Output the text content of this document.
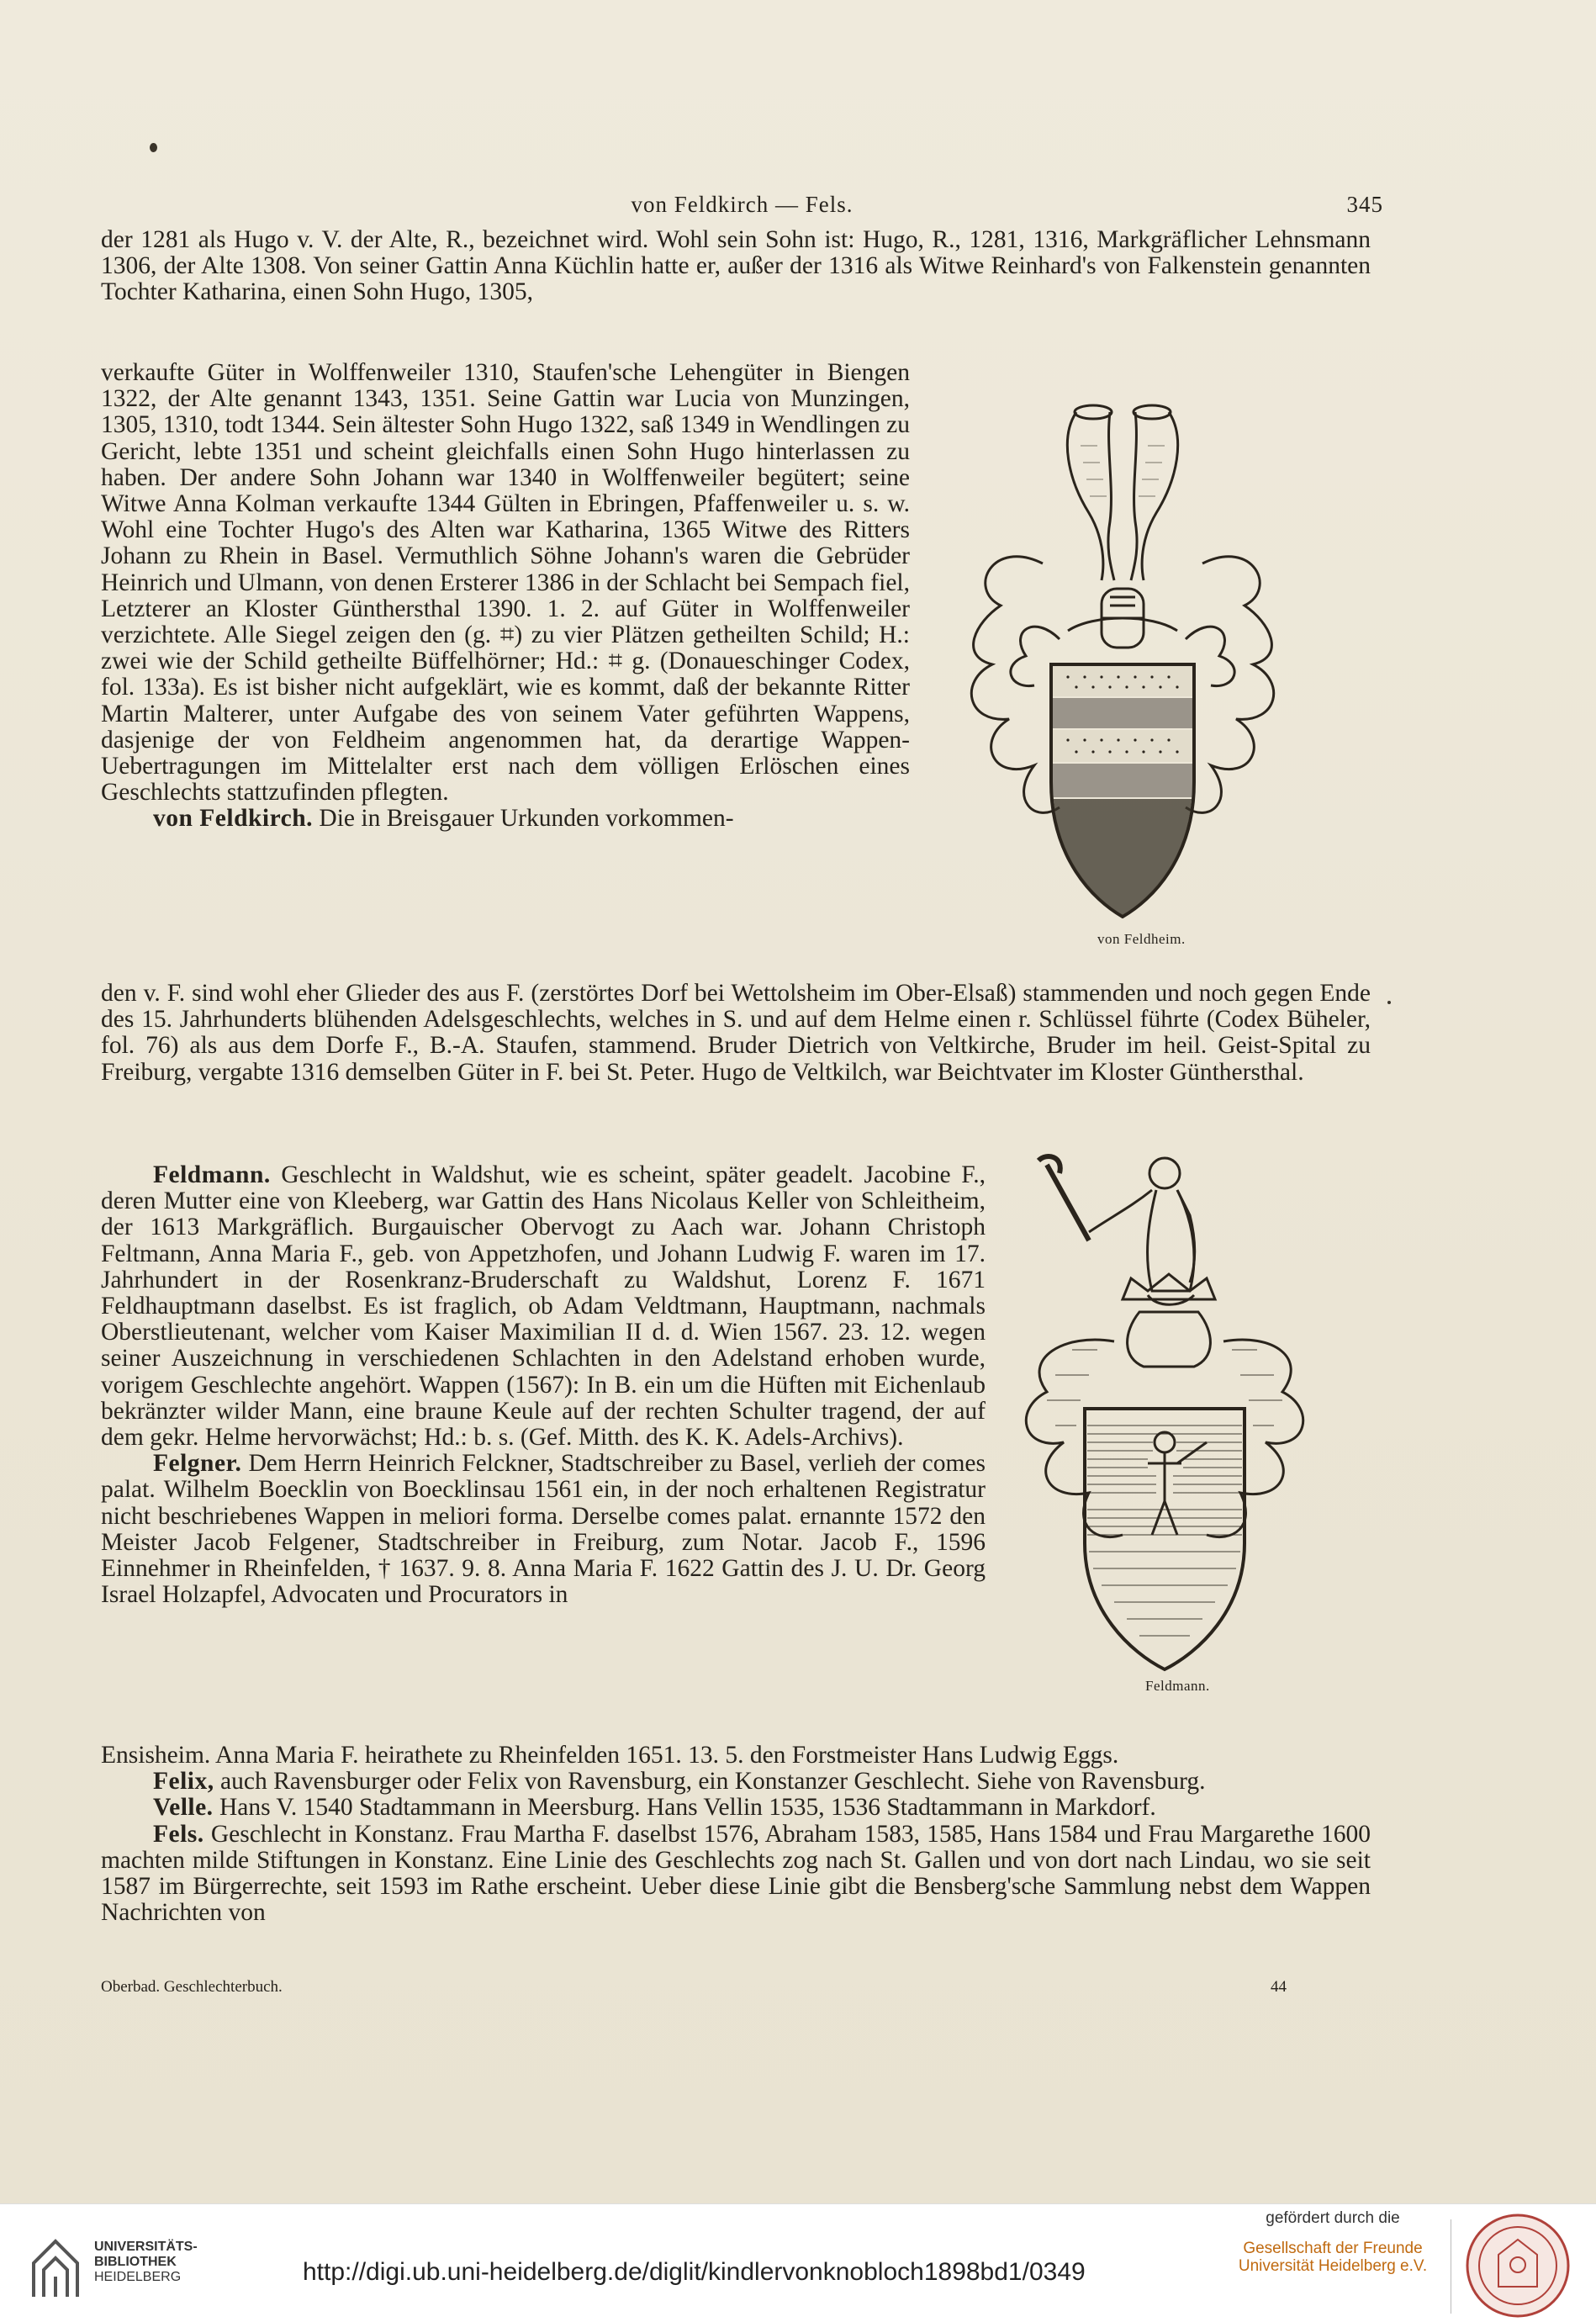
von Feldkirch — Fels.	345

der 1281 als Hugo v. V. der Alte, R., bezeichnet wird. Wohl sein Sohn ist: Hugo, R., 1281, 1316, Markgräflicher Lehnsmann 1306, der Alte 1308. Von seiner Gattin Anna Küchlin hatte er, außer der 1316 als Witwe Reinhard's von Falkenstein genannten Tochter Katharina, einen Sohn Hugo, 1305,

verkaufte Güter in Wolffenweiler 1310, Staufen'sche Lehengüter in Biengen 1322, der Alte genannt 1343, 1351. Seine Gattin war Lucia von Munzingen, 1305, 1310, todt 1344. Sein ältester Sohn Hugo 1322, saß 1349 in Wendlingen zu Gericht, lebte 1351 und scheint gleichfalls einen Sohn Hugo hinterlassen zu haben. Der andere Sohn Johann war 1340 in Wolffenweiler begütert; seine Witwe Anna Kolman verkaufte 1344 Gülten in Ebringen, Pfaffenweiler u. s. w. Wohl eine Tochter Hugo's des Alten war Katharina, 1365 Witwe des Ritters Johann zu Rhein in Basel. Vermuthlich Söhne Johann's waren die Gebrüder Heinrich und Ulmann, von denen Ersterer 1386 in der Schlacht bei Sempach fiel, Letzterer an Kloster Günthersthal 1390. 1. 2. auf Güter in Wolffenweiler verzichtete. Alle Siegel zeigen den (g. ⌗) zu vier Plätzen getheilten Schild; H.: zwei wie der Schild getheilte Büffelhörner; Hd.: ⌗ g. (Donaueschinger Codex, fol. 133a). Es ist bisher nicht aufgeklärt, wie es kommt, daß der bekannte Ritter Martin Malterer, unter Aufgabe des von seinem Vater geführten Wappens, dasjenige der von Feldheim angenommen hat, da derartige Wappen-Uebertragungen im Mittelalter erst nach dem völligen Erlöschen eines Geschlechts stattzufinden pflegten.

von Feldkirch. Die in Breisgauer Urkunden vorkommen-

den v. F. sind wohl eher Glieder des aus F. (zerstörtes Dorf bei Wettolsheim im Ober-Elsaß) stammenden und noch gegen Ende des 15. Jahrhunderts blühenden Adelsgeschlechts, welches in S. und auf dem Helme einen r. Schlüssel führte (Codex Büheler, fol. 76) als aus dem Dorfe F., B.-A. Staufen, stammend. Bruder Dietrich von Veltkirche, Bruder im heil. Geist-Spital zu Freiburg, vergabte 1316 demselben Güter in F. bei St. Peter. Hugo de Veltkilch, war Beichtvater im Kloster Günthersthal.

Feldmann. Geschlecht in Waldshut, wie es scheint, später geadelt. Jacobine F., deren Mutter eine von Kleeberg, war Gattin des Hans Nicolaus Keller von Schleitheim, der 1613 Markgräflich. Burgauischer Obervogt zu Aach war. Johann Christoph Feltmann, Anna Maria F., geb. von Appetzhofen, und Johann Ludwig F. waren im 17. Jahrhundert in der Rosenkranz-Bruderschaft zu Waldshut, Lorenz F. 1671 Feldhauptmann daselbst. Es ist fraglich, ob Adam Veldtmann, Hauptmann, nachmals Oberstlieutenant, welcher vom Kaiser Maximilian II d. d. Wien 1567. 23. 12. wegen seiner Auszeichnung in verschiedenen Schlachten in den Adelstand erhoben wurde, vorigem Geschlechte angehört. Wappen (1567): In B. ein um die Hüften mit Eichenlaub bekränzter wilder Mann, eine braune Keule auf der rechten Schulter tragend, der auf dem gekr. Helme hervorwächst; Hd.: b. s. (Gef. Mitth. des K. K. Adels-Archivs).

Felgner. Dem Herrn Heinrich Felckner, Stadtschreiber zu Basel, verlieh der comes palat. Wilhelm Boecklin von Boecklinsau 1561 ein, in der noch erhaltenen Registratur nicht beschriebenes Wappen in meliori forma. Derselbe comes palat. ernannte 1572 den Meister Jacob Felgener, Stadtschreiber in Freiburg, zum Notar. Jacob F., 1596 Einnehmer in Rheinfelden, † 1637. 9. 8. Anna Maria F. 1622 Gattin des J. U. Dr. Georg Israel Holzapfel, Advocaten und Procurators in

Ensisheim. Anna Maria F. heirathete zu Rheinfelden 1651. 13. 5. den Forstmeister Hans Ludwig Eggs.

Felix, auch Ravensburger oder Felix von Ravensburg, ein Konstanzer Geschlecht. Siehe von Ravensburg.

Velle. Hans V. 1540 Stadtammann in Meersburg. Hans Vellin 1535, 1536 Stadtammann in Markdorf.

Fels. Geschlecht in Konstanz. Frau Martha F. daselbst 1576, Abraham 1583, 1585, Hans 1584 und Frau Margarethe 1600 machten milde Stiftungen in Konstanz. Eine Linie des Geschlechts zog nach St. Gallen und von dort nach Lindau, wo sie seit 1587 im Bürgerrechte, seit 1593 im Rathe erscheint. Ueber diese Linie gibt die Bensberg'sche Sammlung nebst dem Wappen Nachrichten von

Oberbad. Geschlechterbuch.	44
von Feldheim.
Feldmann.
UNIVERSITÄTS-
BIBLIOTHEK
HEIDELBERG	http://digi.ub.uni-heidelberg.de/diglit/kindlervonknobloch1898bd1/0349
gefördert durch die
Gesellschaft der Freunde
Universität Heidelberg e.V.
